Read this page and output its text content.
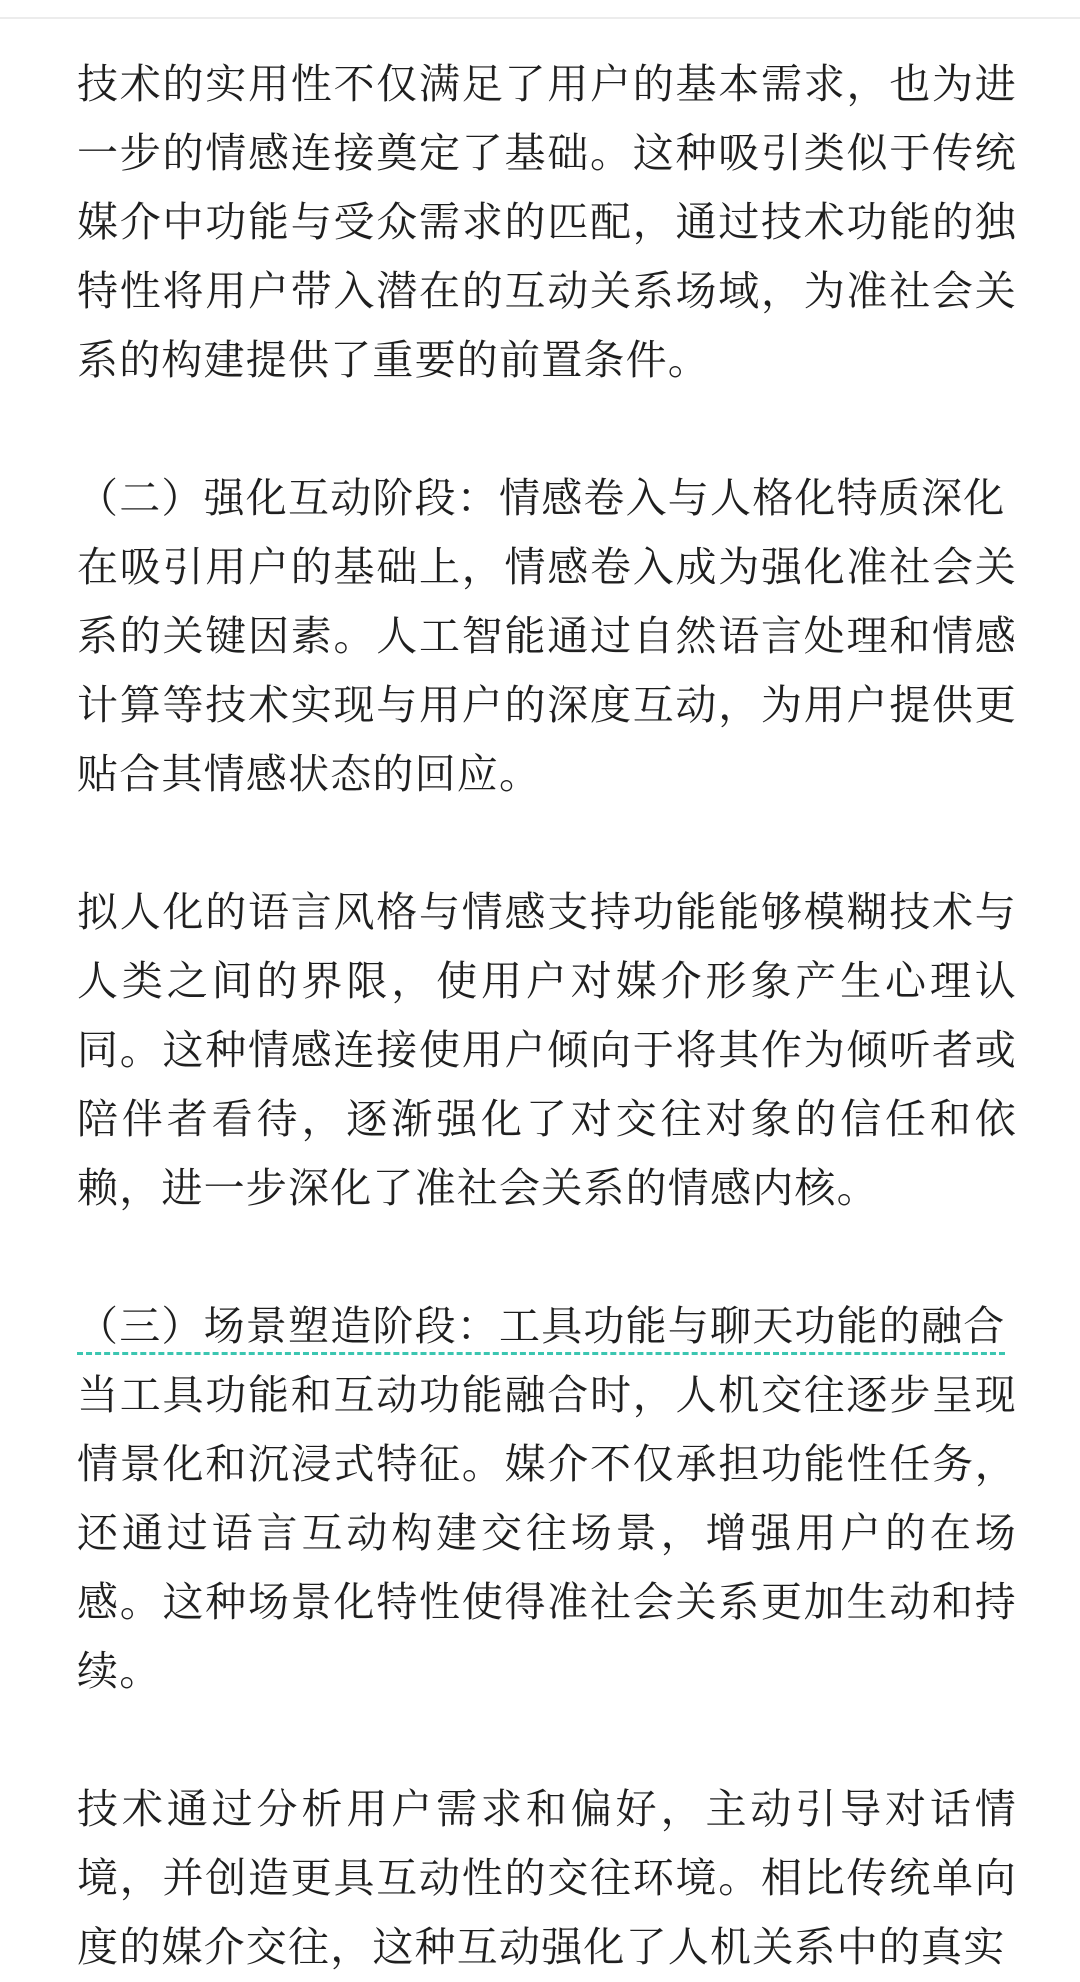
技术的实用性不仅满足了用户的基本需求，也为进一步的情感连接奠定了基础。这种吸引类似于传统媒介中功能与受众需求的匹配，通过技术功能的独特性将用户带入潜在的互动关系场域，为准社会关系的构建提供了重要的前置条件。

（二）强化互动阶段：情感卷入与人格化特质深化

在吸引用户的基础上，情感卷入成为强化准社会关系的关键因素。人工智能通过自然语言处理和情感计算等技术实现与用户的深度互动，为用户提供更贴合其情感状态的回应。

拟人化的语言风格与情感支持功能能够模糊技术与人类之间的界限，使用户对媒介形象产生心理认同。这种情感连接使用户倾向于将其作为倾听者或陪伴者看待，逐渐强化了对交往对象的信任和依赖，进一步深化了准社会关系的情感内核。

（三）场景塑造阶段：工具功能与聊天功能的融合

当工具功能和互动功能融合时，人机交往逐步呈现情景化和沉浸式特征。媒介不仅承担功能性任务，还通过语言互动构建交往场景，增强用户的在场感。这种场景化特性使得准社会关系更加生动和持续。

技术通过分析用户需求和偏好，主动引导对话情境，并创造更具互动性的交往环境。相比传统单向度的媒介交往，这种互动强化了人机关系中的真实
